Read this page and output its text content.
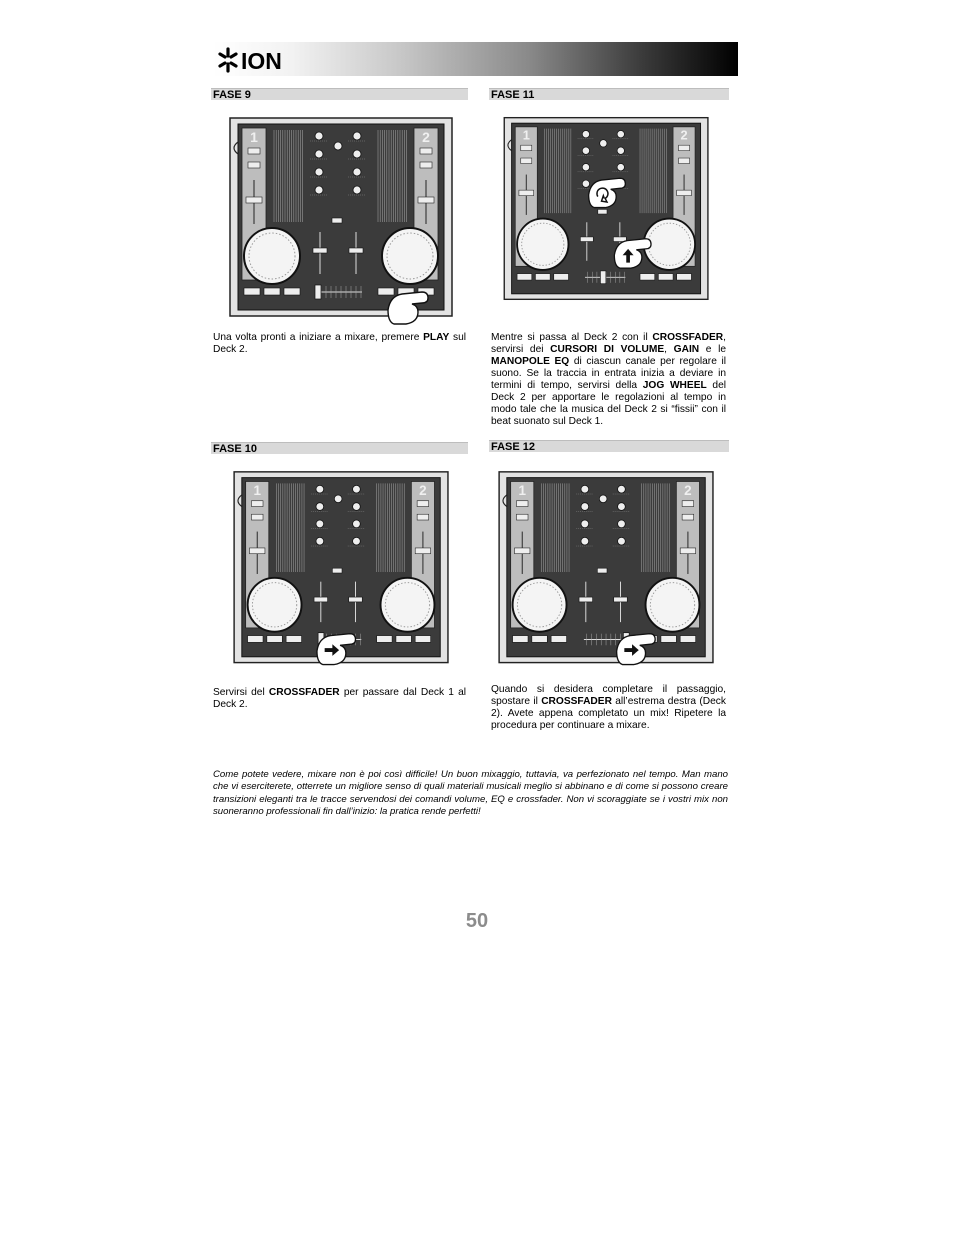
ION
FASE 9	FASE 11
FASE 10	FASE 12
1	2	1	2
1	2	1	2

Una volta pronti a iniziare a mixare, premere PLAY sul Deck 2.

Mentre si passa al Deck 2 con il CROSSFADER, servirsi dei CURSORI DI VOLUME, GAIN e le MANOPOLE EQ di ciascun canale per regolare il suono. Se la traccia in entrata inizia a deviare in termini di tempo, servirsi della JOG WHEEL del Deck 2 per apportare le regolazioni al tempo in modo tale che la musica del Deck 2 si “fissii” con il beat suonato sul Deck 1.

Servirsi del CROSSFADER per passare dal Deck 1 al Deck 2.

Quando si desidera completare il passaggio, spostare il CROSSFADER all’estrema destra (Deck 2). Avete appena completato un mix! Ripetere la procedura per continuare a mixare.

Come potete vedere, mixare non è poi così difficile! Un buon mixaggio, tuttavia, va perfezionato nel tempo. Man mano che vi eserciterete, otterrete un migliore senso di quali materiali musicali meglio si abbinano e di come si possono creare transizioni eleganti tra le tracce servendosi dei comandi volume, EQ e crossfader. Non vi scoraggiate se i vostri mix non suoneranno professionali fin dall’inizio: la pratica rende perfetti!

50
